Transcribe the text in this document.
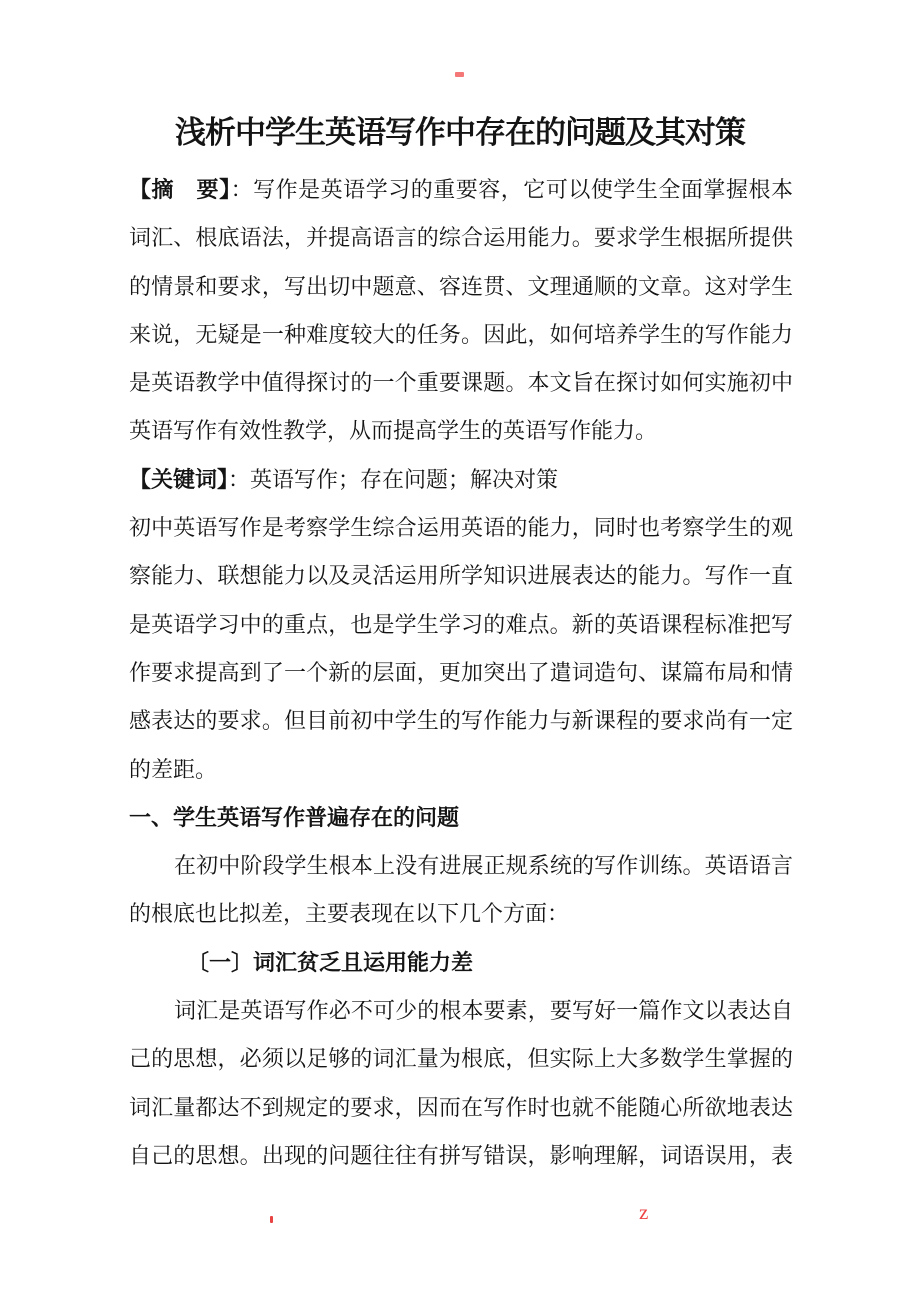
浅析中学生英语写作中存在的问题及其对策
【摘　要】：写作是英语学习的重要容，它可以使学生全面掌握根本
词汇、根底语法，并提高语言的综合运用能力。要求学生根据所提供
的情景和要求，写出切中题意、容连贯、文理通顺的文章。这对学生
来说，无疑是一种难度较大的任务。因此，如何培养学生的写作能力
是英语教学中值得探讨的一个重要课题。本文旨在探讨如何实施初中
英语写作有效性教学，从而提高学生的英语写作能力。
【关键词】：英语写作；存在问题；解决对策
初中英语写作是考察学生综合运用英语的能力，同时也考察学生的观
察能力、联想能力以及灵活运用所学知识进展表达的能力。写作一直
是英语学习中的重点，也是学生学习的难点。新的英语课程标准把写
作要求提高到了一个新的层面，更加突出了遣词造句、谋篇布局和情
感表达的要求。但目前初中学生的写作能力与新课程的要求尚有一定
的差距。
一、学生英语写作普遍存在的问题
在初中阶段学生根本上没有进展正规系统的写作训练。英语语言
的根底也比拟差，主要表现在以下几个方面：
〔一〕词汇贫乏且运用能力差
词汇是英语写作必不可少的根本要素，要写好一篇作文以表达自
己的思想，必须以足够的词汇量为根底，但实际上大多数学生掌握的
词汇量都达不到规定的要求，因而在写作时也就不能随心所欲地表达
自己的思想。出现的问题往往有拼写错误，影响理解，词语误用，表
z
